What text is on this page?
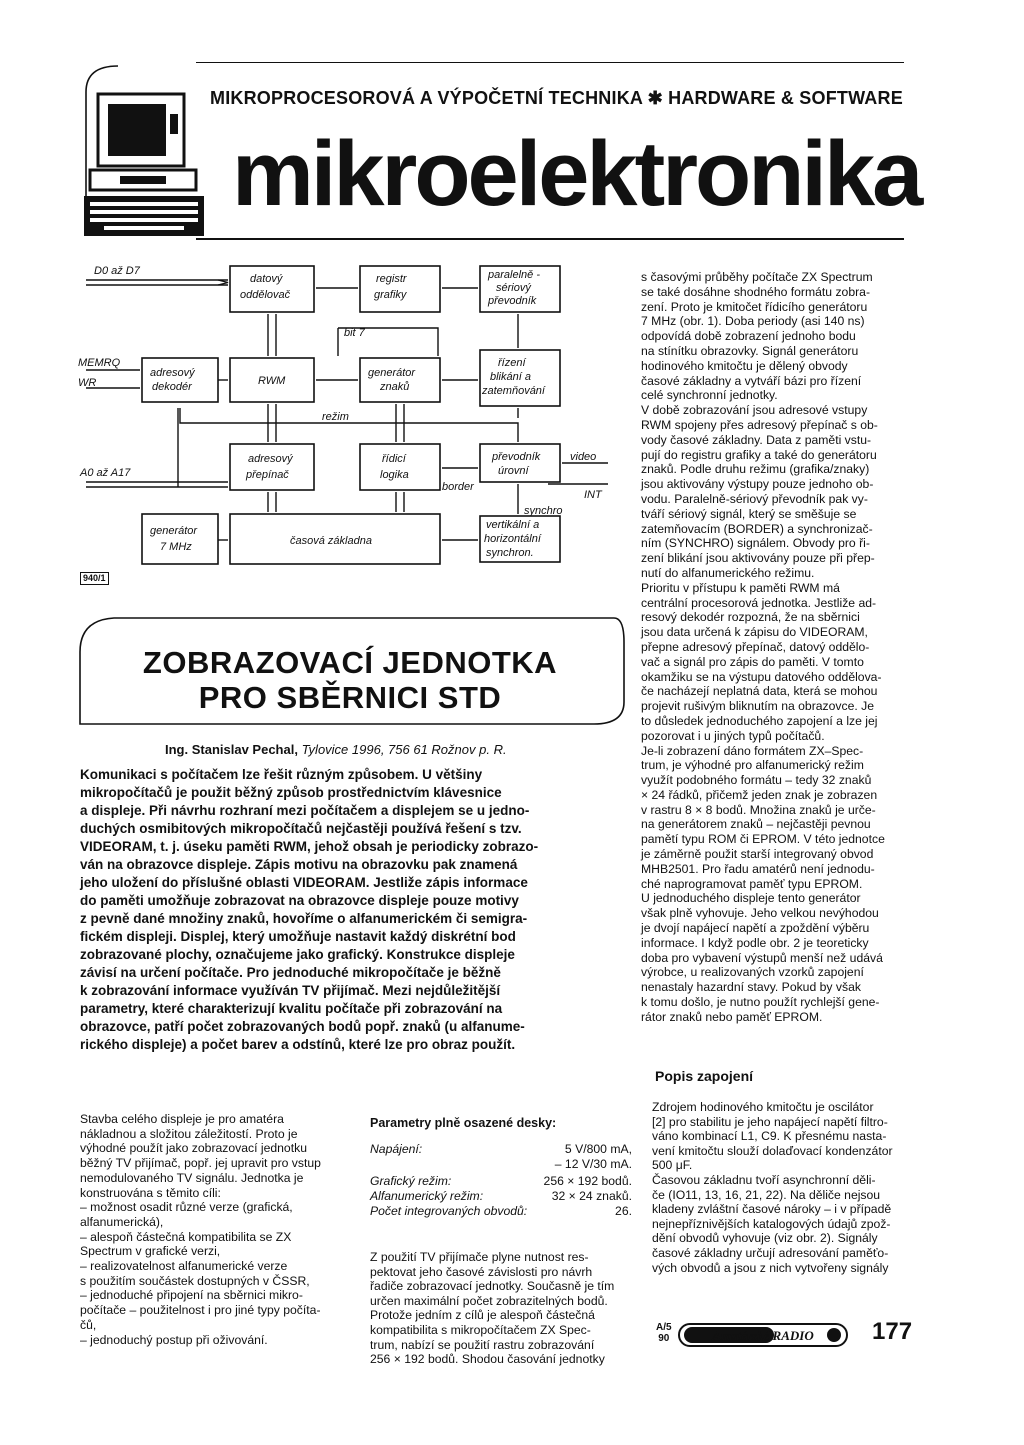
MIKROPROCESOROVÁ A VÝPOČETNÍ TECHNIKA ✱ HARDWARE & SOFTWARE
mikroelektronika
D0 až D7
MEMRQ
WR
A0 až A17
datový
oddělovač
registr
grafiky
paralelně -
sériový
převodník
adresový
dekodér	RWM
bit 7
generátor
znaků
řízení
blikání a
zatemňování
režim
adresový
přepínač
řídicí
logika
převodník
úrovní
video
INT
border
synchro
generátor
7 MHz	časová základna
vertikální a
horizontální
synchron.
940/1
ZOBRAZOVACÍ JEDNOTKA
PRO SBĚRNICI STD
Ing. Stanislav Pechal, Tylovice 1996, 756 61 Rožnov p. R.

Komunikaci s počítačem lze řešit různým způsobem. U většiny
mikropočítačů je použit běžný způsob prostřednictvím klávesnice
a displeje. Při návrhu rozhraní mezi počítačem a displejem se u jedno-
duchých osmibitových mikropočítačů nejčastěji používá řešení s tzv.
VIDEORAM, t. j. úseku paměti RWM, jehož obsah je periodicky zobrazo-
ván na obrazovce displeje. Zápis motivu na obrazovku pak znamená
jeho uložení do příslušné oblasti VIDEORAM. Jestliže zápis informace
do paměti umožňuje zobrazovat na obrazovce displeje pouze motivy
z pevně dané množiny znaků, hovoříme o alfanumerickém či semigra-
fickém displeji. Displej, který umožňuje nastavit každý diskrétní bod
zobrazované plochy, označujeme jako grafický. Konstrukce displeje
závisí na určení počítače. Pro jednoduché mikropočítače je běžně
k zobrazování informace využíván TV přijímač. Mezi nejdůležitější
parametry, které charakterizují kvalitu počítače při zobrazování na
obrazovce, patří počet zobrazovaných bodů popř. znaků (u alfanume-
rického displeje) a počet barev a odstínů, které lze pro obraz použít.

s časovými průběhy počítače ZX Spectrum
se také dosáhne shodného formátu zobra-
zení. Proto je kmitočet řídicího generátoru
7 MHz (obr. 1). Doba periody (asi 140 ns)
odpovídá době zobrazení jednoho bodu
na stínítku obrazovky. Signál generátoru
hodinového kmitočtu je dělený obvody
časové základny a vytváří bázi pro řízení
celé synchronní jednotky.
V době zobrazování jsou adresové vstupy
RWM spojeny přes adresový přepínač s ob-
vody časové základny. Data z paměti vstu-
pují do registru grafiky a také do generátoru
znaků. Podle druhu režimu (grafika/znaky)
jsou aktivovány výstupy pouze jednoho ob-
vodu. Paralelně-sériový převodník pak vy-
tváří sériový signál, který se směšuje se
zatemňovacím (BORDER) a synchronizač-
ním (SYNCHRO) signálem. Obvody pro ři-
zení blikání jsou aktivovány pouze při přep-
nutí do alfanumerického režimu.
Prioritu v přístupu k paměti RWM má
centrální procesorová jednotka. Jestliže ad-
resový dekodér rozpozná, že na sběrnici
jsou data určená k zápisu do VIDEORAM,
přepne adresový přepínač, datový oddělo-
vač a signál pro zápis do paměti. V tomto
okamžiku se na výstupu datového oddělova-
če nacházejí neplatná data, která se mohou
projevit rušivým bliknutím na obrazovce. Je
to důsledek jednoduchého zapojení a lze jej
pozorovat i u jiných typů počítačů.
Je-li zobrazení dáno formátem ZX–Spec-
trum, je výhodné pro alfanumerický režim
využít podobného formátu – tedy 32 znaků
× 24 řádků, přičemž jeden znak je zobrazen
v rastru 8 × 8 bodů. Množina znaků je urče-
na generátorem znaků – nejčastěji pevnou
pamětí typu ROM či EPROM. V této jednotce
je záměrně použit starší integrovaný obvod
MHB2501. Pro řadu amatérů není jednodu-
ché naprogramovat paměť typu EPROM.
U jednoduchého displeje tento generátor
však plně vyhovuje. Jeho velkou nevýhodou
je dvojí napájecí napětí a zpoždění výběru
informace. I když podle obr. 2 je teoreticky
doba pro vybavení výstupů menší než udává
výrobce, u realizovaných vzorků zapojení
nenastaly hazardní stavy. Pokud by však
k tomu došlo, je nutno použít rychlejší gene-
rátor znaků nebo paměť EPROM.

Popis zapojení

Zdrojem hodinového kmitočtu je oscilátor
[2] pro stabilitu je jeho napájecí napětí filtro-
váno kombinací L1, C9. K přesnému nasta-
vení kmitočtu slouží dolaďovací kondenzátor
500 μF.
Časovou základnu tvoří asynchronní děli-
če (IO11, 13, 16, 21, 22). Na děliče nejsou
kladeny zvláštní časové nároky – i v případě
nejnepříznivějších katalogových údajů zpož-
dění obvodů vyhovuje (viz obr. 2). Signály
časové základny určují adresování paměťo-
vých obvodů a jsou z nich vytvořeny signály

Stavba celého displeje je pro amatéra
nákladnou a složitou záležitostí. Proto je
výhodné použít jako zobrazovací jednotku
běžný TV přijímač, popř. jej upravit pro vstup
nemodulovaného TV signálu. Jednotka je
konstruována s těmito cíli:
– možnost osadit různé verze (grafická,
alfanumerická),
– alespoň částečná kompatibilita se ZX
Spectrum v grafické verzi,
– realizovatelnost alfanumerické verze
s použitím součástek dostupných v ČSSR,
– jednoduché připojení na sběrnici mikro-
počítače – použitelnost i pro jiné typy počíta-
čů,
– jednoduchý postup při oživování.

Parametry plně osazené desky:
Napájení:	5 V/800 mA,
– 12 V/30 mA.
Grafický režim:	256 × 192 bodů.
Alfanumerický režim:	32 × 24 znaků.
Počet integrovaných obvodů:	26.

Z použití TV přijímače plyne nutnost res-
pektovat jeho časové závislosti pro návrh
řadiče zobrazovací jednotky. Současně je tím
určen maximální počet zobrazitelných bodů.
Protože jedním z cílů je alespoň částečná
kompatibilita s mikropočítačem ZX Spec-
trum, nabízí se použití rastru zobrazování
256 × 192 bodů. Shodou časování jednotky

A/5
90	Amatérské RADIO 177
